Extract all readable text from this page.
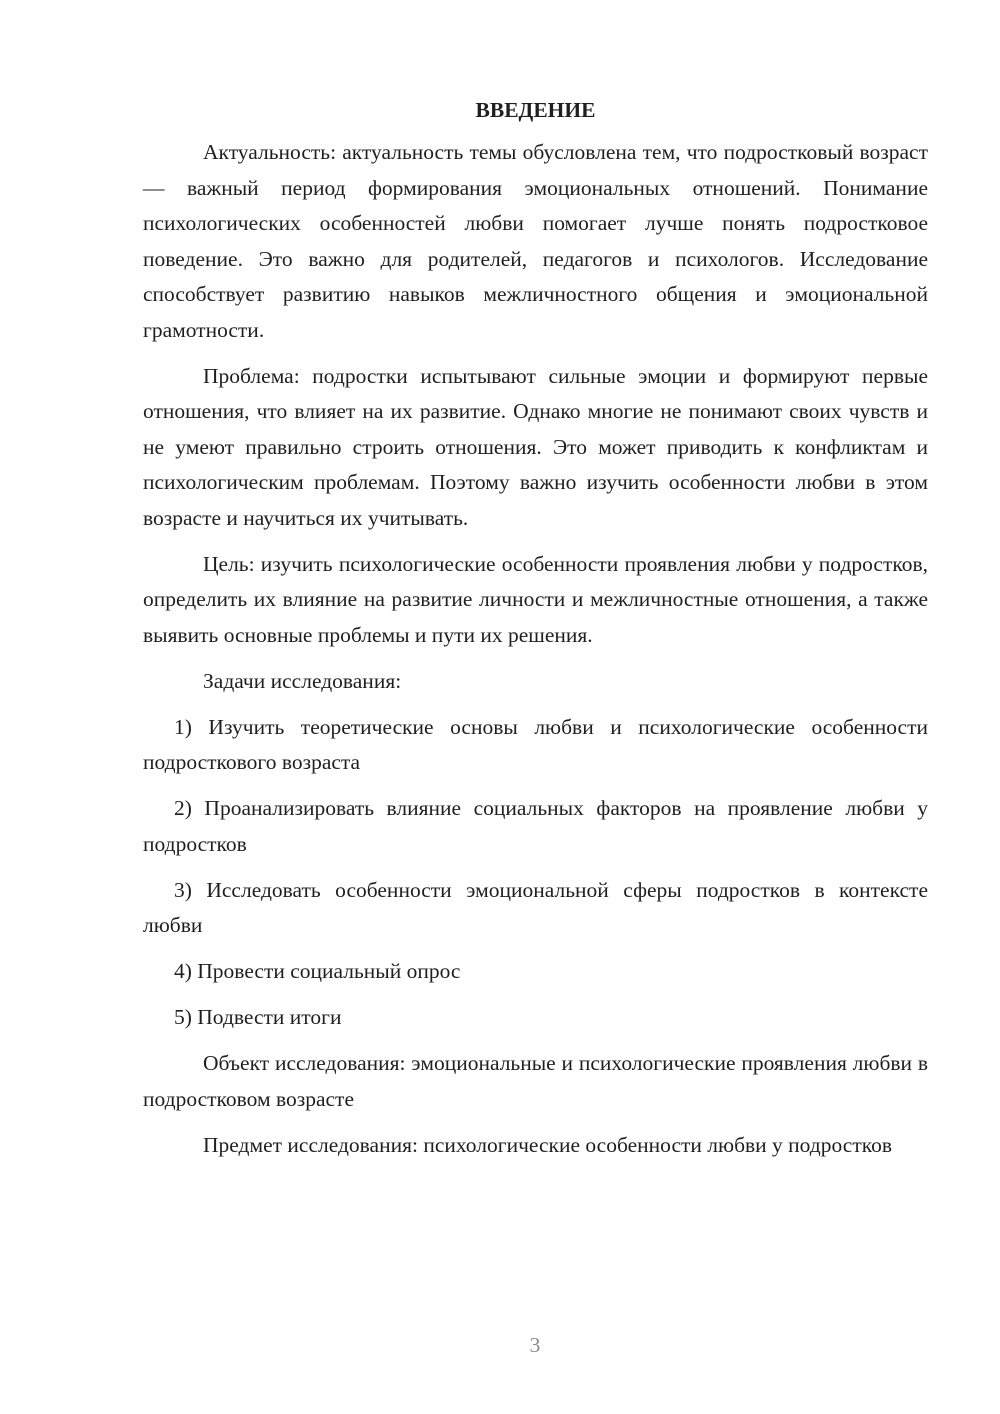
ВВЕДЕНИЕ

Актуальность: актуальность темы обусловлена тем, что подростковый возраст — важный период формирования эмоциональных отношений. Понимание психологических особенностей любви помогает лучше понять подростковое поведение. Это важно для родителей, педагогов и психологов. Исследование способствует развитию навыков межличностного общения и эмоциональной грамотности.

Проблема: подростки испытывают сильные эмоции и формируют первые отношения, что влияет на их развитие. Однако многие не понимают своих чувств и не умеют правильно строить отношения. Это может приводить к конфликтам и психологическим проблемам. Поэтому важно изучить особенности любви в этом возрасте и научиться их учитывать.

Цель: изучить психологические особенности проявления любви у подростков, определить их влияние на развитие личности и межличностные отношения, а также выявить основные проблемы и пути их решения.

Задачи исследования:

1) Изучить теоретические основы любви и психологические особенности подросткового возраста

2) Проанализировать влияние социальных факторов на проявление любви у подростков

3) Исследовать особенности эмоциональной сферы подростков в контексте любви

4) Провести социальный опрос

5) Подвести итоги

Объект исследования: эмоциональные и психологические проявления любви в подростковом возрасте

Предмет исследования: психологические особенности любви у подростков

3
